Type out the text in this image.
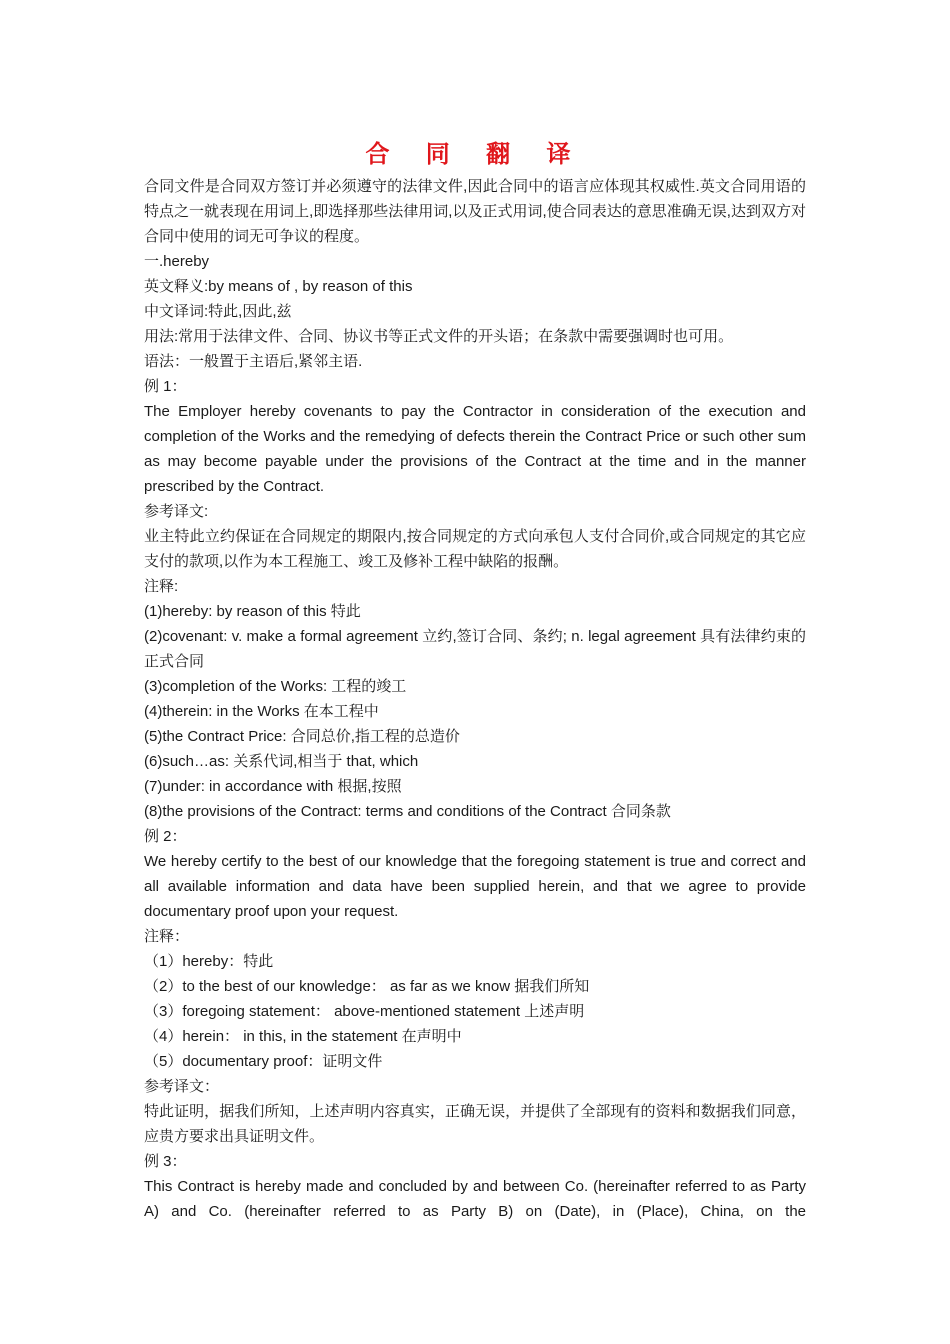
合 同 翻 译

合同文件是合同双方签订并必须遵守的法律文件,因此合同中的语言应体现其权威性.英文合同用语的特点之一就表现在用词上,即选择那些法律用词,以及正式用词,使合同表达的意思准确无误,达到双方对合同中使用的词无可争议的程度。

一.hereby

英文释义:by means of , by reason of this

中文译词:特此,因此,兹

用法:常用于法律文件、合同、协议书等正式文件的开头语；在条款中需要强调时也可用。

语法：一般置于主语后,紧邻主语.

例 1：

The Employer hereby covenants to pay the Contractor in consideration of the execution and completion of the Works and the remedying of defects therein the Contract Price or such other sum as may become payable under the provisions of the Contract at the time and in the manner prescribed by the Contract.

参考译文:

业主特此立约保证在合同规定的期限内,按合同规定的方式向承包人支付合同价,或合同规定的其它应支付的款项,以作为本工程施工、竣工及修补工程中缺陷的报酬。

注释:

(1)hereby: by reason of this 特此

(2)covenant: v. make a formal agreement 立约,签订合同、条约; n. legal agreement 具有法律约束的正式合同

(3)completion of the Works: 工程的竣工

(4)therein: in the Works 在本工程中

(5)the Contract Price: 合同总价,指工程的总造价

(6)such…as: 关系代词,相当于 that, which

(7)under: in accordance with 根据,按照

(8)the provisions of the Contract: terms and conditions of the Contract 合同条款

例 2：

We hereby certify to the best of our knowledge that the foregoing statement is true and correct and all available information and data have been supplied herein, and that we agree to provide documentary proof upon your request.

注释：

（1）hereby：特此

（2）to the best of our knowledge： as far as we know 据我们所知

（3）foregoing statement： above-mentioned statement 上述声明

（4）herein： in this, in the statement 在声明中

（5）documentary proof：证明文件

参考译文：

特此证明，据我们所知，上述声明内容真实，正确无误，并提供了全部现有的资料和数据我们同意，应贵方要求出具证明文件。

例 3：

This Contract is hereby made and concluded by and between Co. (hereinafter referred to as Party A) and Co. (hereinafter referred to as Party B) on (Date), in (Place), China, on the
